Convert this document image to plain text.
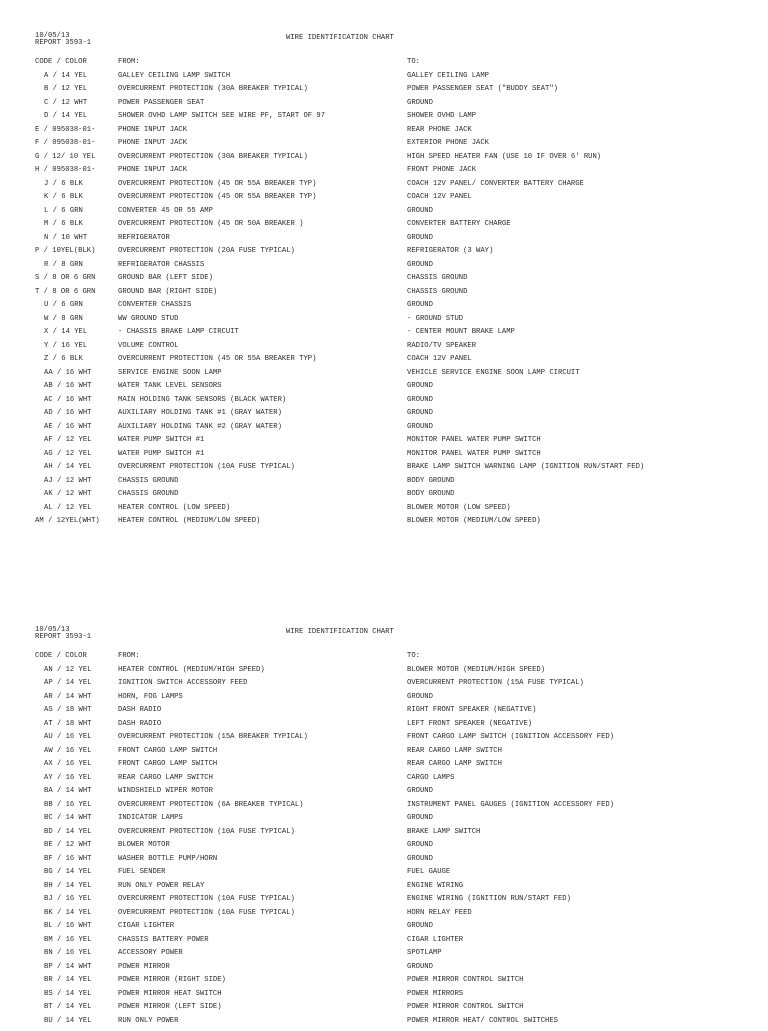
10/05/13
REPORT 3593-1
WIRE IDENTIFICATION CHART
CODE / COLOR	FROM:	TO:
A / 14 YEL	GALLEY CEILING LAMP SWITCH	GALLEY CEILING LAMP
B / 12 YEL	OVERCURRENT PROTECTION (30A BREAKER TYPICAL)	POWER PASSENGER SEAT ("BUDDY SEAT")
C / 12 WHT	POWER PASSENGER SEAT	GROUND
D / 14 YEL	SHOWER OVHD LAMP SWITCH SEE WIRE PF, START OF 97	SHOWER OVHD LAMP
E / 095038-01-	PHONE INPUT JACK	REAR PHONE JACK
F / 095038-01-	PHONE INPUT JACK	EXTERIOR PHONE JACK
G / 12/ 10 YEL	OVERCURRENT PROTECTION (30A BREAKER TYPICAL)	HIGH SPEED HEATER FAN (USE 10 IF OVER 6' RUN)
H / 095038-01-	PHONE INPUT JACK	FRONT PHONE JACK
J / 6 BLK	OVERCURRENT PROTECTION (45 OR 55A BREAKER TYP)	COACH 12V PANEL/ CONVERTER BATTERY CHARGE
K / 6 BLK	OVERCURRENT PROTECTION (45 OR 55A BREAKER TYP)	COACH 12V PANEL
L / 6 GRN	CONVERTER 45 OR 55 AMP	GROUND
M / 6 BLK	OVERCURRENT PROTECTION (45 OR 50A BREAKER )	CONVERTER BATTERY CHARGE
N / 10 WHT	REFRIGERATOR	GROUND
P / 10YEL(BLK)	OVERCURRENT PROTECTION (20A FUSE TYPICAL)	REFRIGERATOR (3 WAY)
R / 8 GRN	REFRIGERATOR CHASSIS	GROUND
S / 8 OR 6 GRN	GROUND BAR (LEFT SIDE)	CHASSIS GROUND
T / 8 OR 6 GRN	GROUND BAR (RIGHT SIDE)	CHASSIS GROUND
U / 6 GRN	CONVERTER CHASSIS	GROUND
W / 8 GRN	WW GROUND STUD	- GROUND STUD
X / 14 YEL	- CHASSIS BRAKE LAMP CIRCUIT	- CENTER MOUNT BRAKE LAMP
Y / 16 YEL	VOLUME CONTROL	RADIO/TV SPEAKER
Z / 6 BLK	OVERCURRENT PROTECTION (45 OR 55A BREAKER TYP)	COACH 12V PANEL
AA / 16 WHT	SERVICE ENGINE SOON LAMP	VEHICLE SERVICE ENGINE SOON LAMP CIRCUIT
AB / 16 WHT	WATER TANK LEVEL SENSORS	GROUND
AC / 16 WHT	MAIN HOLDING TANK SENSORS (BLACK WATER)	GROUND
AD / 16 WHT	AUXILIARY HOLDING TANK #1 (GRAY WATER)	GROUND
AE / 16 WHT	AUXILIARY HOLDING TANK #2 (GRAY WATER)	GROUND
AF / 12 YEL	WATER PUMP SWITCH #1	MONITOR PANEL WATER PUMP SWITCH
AG / 12 YEL	WATER PUMP SWITCH #1	MONITOR PANEL WATER PUMP SWITCH
AH / 14 YEL	OVERCURRENT PROTECTION (10A FUSE TYPICAL)	BRAKE LAMP SWITCH WARNING LAMP (IGNITION RUN/START FED)
AJ / 12 WHT	CHASSIS GROUND	BODY GROUND
AK / 12 WHT	CHASSIS GROUND	BODY GROUND
AL / 12 YEL	HEATER CONTROL (LOW SPEED)	BLOWER MOTOR (LOW SPEED)
AM / 12YEL(WHT)	HEATER CONTROL (MEDIUM/LOW SPEED)	BLOWER MOTOR (MEDIUM/LOW SPEED)
10/05/13
REPORT 3593-1
WIRE IDENTIFICATION CHART
CODE / COLOR	FROM:	TO:
AN / 12 YEL	HEATER CONTROL (MEDIUM/HIGH SPEED)	BLOWER MOTOR (MEDIUM/HIGH SPEED)
AP / 14 YEL	IGNITION SWITCH ACCESSORY FEED	OVERCURRENT PROTECTION (15A FUSE TYPICAL)
AR / 14 WHT	HORN, FOG LAMPS	GROUND
AS / 18 WHT	DASH RADIO	RIGHT FRONT SPEAKER (NEGATIVE)
AT / 18 WHT	DASH RADIO	LEFT FRONT SPEAKER (NEGATIVE)
AU / 16 YEL	OVERCURRENT PROTECTION (15A BREAKER TYPICAL)	FRONT CARGO LAMP SWITCH (IGNITION ACCESSORY FED)
AW / 16 YEL	FRONT CARGO LAMP SWITCH	REAR CARGO LAMP SWITCH
AX / 16 YEL	FRONT CARGO LAMP SWITCH	REAR CARGO LAMP SWITCH
AY / 16 YEL	REAR CARGO LAMP SWITCH	CARGO LAMPS
BA / 14 WHT	WINDSHIELD WIPER MOTOR	GROUND
BB / 16 YEL	OVERCURRENT PROTECTION (6A BREAKER TYPICAL)	INSTRUMENT PANEL GAUGES (IGNITION ACCESSORY FED)
BC / 14 WHT	INDICATOR LAMPS	GROUND
BD / 14 YEL	OVERCURRENT PROTECTION (10A FUSE TYPICAL)	BRAKE LAMP SWITCH
BE / 12 WHT	BLOWER MOTOR	GROUND
BF / 16 WHT	WASHER BOTTLE PUMP/HORN	GROUND
BG / 14 YEL	FUEL SENDER	FUEL GAUGE
BH / 14 YEL	RUN ONLY POWER RELAY	ENGINE WIRING
BJ / 16 YEL	OVERCURRENT PROTECTION (10A FUSE TYPICAL)	ENGINE WIRING (IGNITION RUN/START FED)
BK / 14 YEL	OVERCURRENT PROTECTION (10A FUSE TYPICAL)	HORN RELAY FEED
BL / 16 WHT	CIGAR LIGHTER	GROUND
BM / 16 YEL	CHASSIS BATTERY POWER	CIGAR LIGHTER
BN / 16 YEL	ACCESSORY POWER	SPOTLAMP
BP / 14 WHT	POWER MIRROR	GROUND
BR / 14 YEL	POWER MIRROR (RIGHT SIDE)	POWER MIRROR CONTROL SWITCH
BS / 14 YEL	POWER MIRROR HEAT SWITCH	POWER MIRRORS
BT / 14 YEL	POWER MIRROR (LEFT SIDE)	POWER MIRROR CONTROL SWITCH
BU / 14 YEL	RUN ONLY POWER	POWER MIRROR HEAT/ CONTROL SWITCHES
